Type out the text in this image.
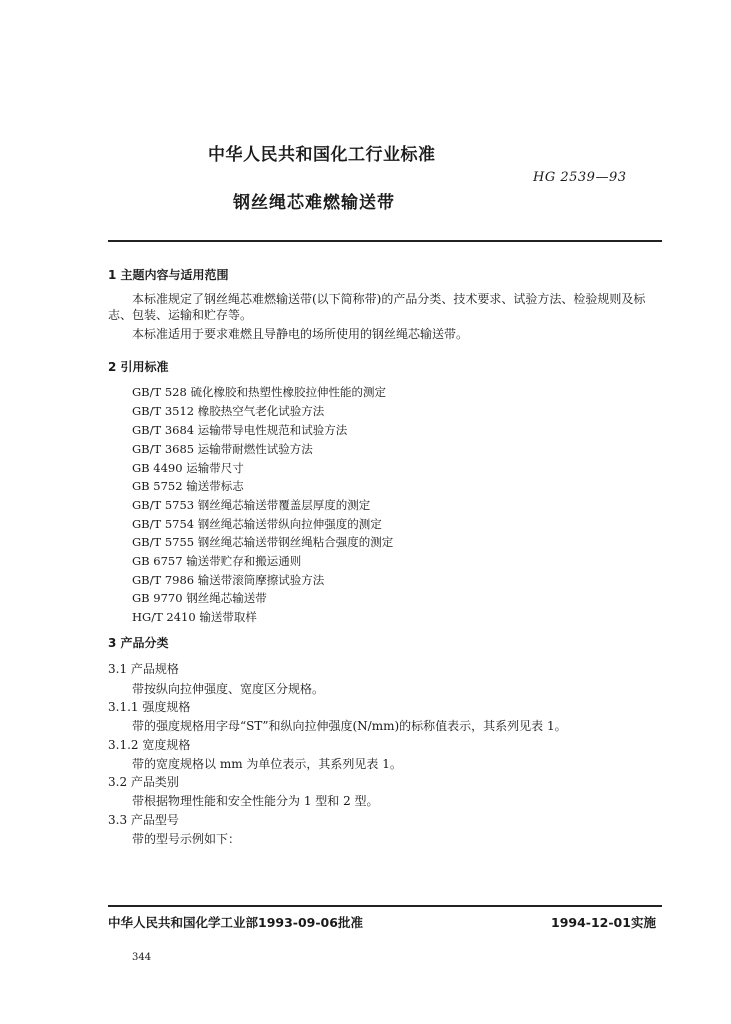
中华人民共和国化工行业标准
HG 2539—93
钢丝绳芯难燃输送带
1 主题内容与适用范围
本标准规定了钢丝绳芯难燃输送带(以下简称带)的产品分类、技术要求、试验方法、检验规则及标志、包装、运输和贮存等。
本标准适用于要求难燃且导静电的场所使用的钢丝绳芯输送带。
2 引用标准
GB/T 528 硫化橡胶和热塑性橡胶拉伸性能的测定
GB/T 3512 橡胶热空气老化试验方法
GB/T 3684 运输带导电性规范和试验方法
GB/T 3685 运输带耐燃性试验方法
GB 4490 运输带尺寸
GB 5752 输送带标志
GB/T 5753 钢丝绳芯输送带覆盖层厚度的测定
GB/T 5754 钢丝绳芯输送带纵向拉伸强度的测定
GB/T 5755 钢丝绳芯输送带钢丝绳粘合强度的测定
GB 6757 输送带贮存和搬运通则
GB/T 7986 输送带滚筒摩擦试验方法
GB 9770 钢丝绳芯输送带
HG/T 2410 输送带取样
3 产品分类
3.1 产品规格
带按纵向拉伸强度、宽度区分规格。
3.1.1 强度规格
带的强度规格用字母“ST”和纵向拉伸强度(N/mm)的标称值表示，其系列见表 1。
3.1.2 宽度规格
带的宽度规格以 mm 为单位表示，其系列见表 1。
3.2 产品类别
带根据物理性能和安全性能分为 1 型和 2 型。
3.3 产品型号
带的型号示例如下：
中华人民共和国化学工业部1993-09-06批准	1994-12-01实施
344
